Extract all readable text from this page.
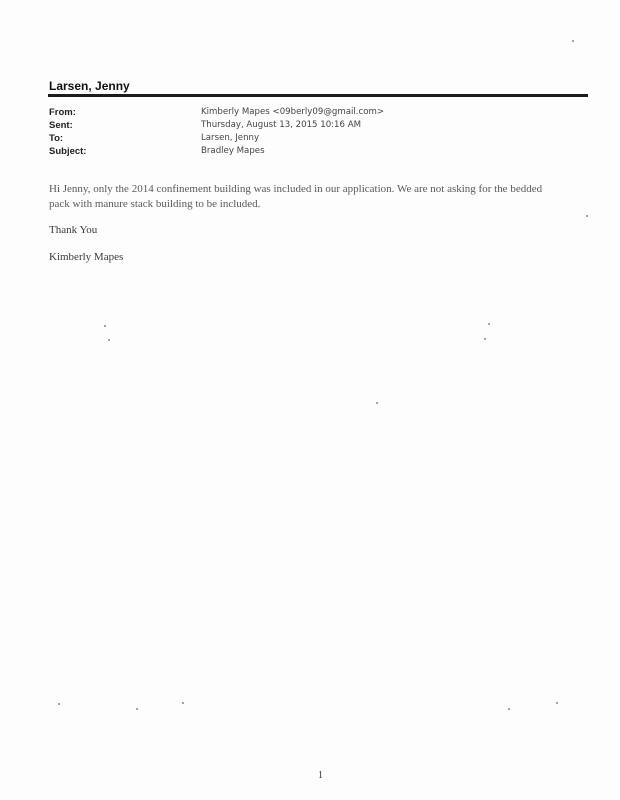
Larsen, Jenny
From:	Kimberly Mapes <09berly09@gmail.com>
Sent:	Thursday, August 13, 2015 10:16 AM
To:	Larsen, Jenny
Subject:	Bradley Mapes
Hi Jenny, only the 2014 confinement building was included in our application. We are not asking for the bedded pack with manure stack building to be included.
Thank You
Kimberly Mapes
1
